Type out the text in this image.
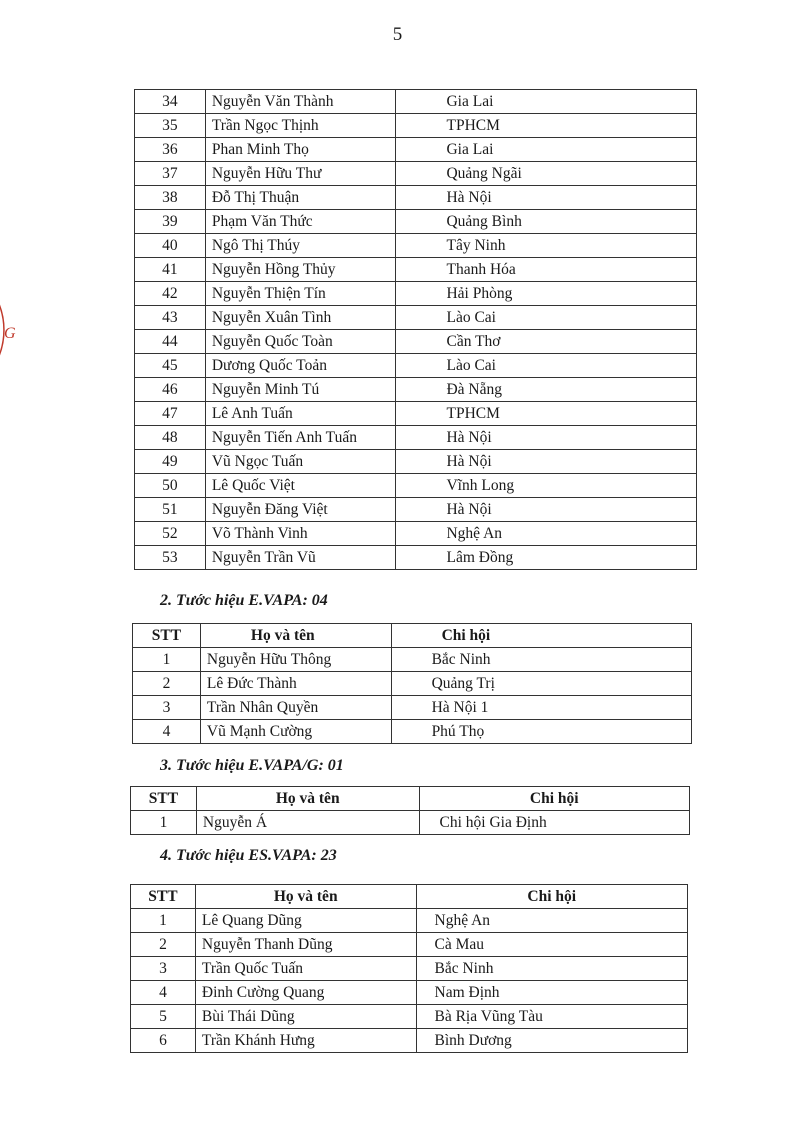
5
G
34	Nguyễn Văn Thành	Gia Lai
35	Trần Ngọc Thịnh	TPHCM
36	Phan Minh Thọ	Gia Lai
37	Nguyễn Hữu Thư	Quảng Ngãi
38	Đỗ Thị Thuận	Hà Nội
39	Phạm Văn Thức	Quảng Bình
40	Ngô Thị Thúy	Tây Ninh
41	Nguyễn Hồng Thủy	Thanh Hóa
42	Nguyễn Thiện Tín	Hải Phòng
43	Nguyễn Xuân Tình	Lào Cai
44	Nguyễn Quốc Toàn	Cần Thơ
45	Dương Quốc Toản	Lào Cai
46	Nguyễn Minh Tú	Đà Nẵng
47	Lê Anh Tuấn	TPHCM
48	Nguyễn Tiến Anh Tuấn	Hà Nội
49	Vũ Ngọc Tuấn	Hà Nội
50	Lê Quốc Việt	Vĩnh Long
51	Nguyễn Đăng Việt	Hà Nội
52	Võ Thành Vinh	Nghệ An
53	Nguyễn Trần Vũ	Lâm Đồng
2. Tước hiệu E.VAPA: 04
STT	Họ và tên	Chi hội
1	Nguyễn Hữu Thông	Bắc Ninh
2	Lê Đức Thành	Quảng Trị
3	Trần Nhân Quyền	Hà Nội 1
4	Vũ Mạnh Cường	Phú Thọ
3. Tước hiệu E.VAPA/G: 01
STT	Họ và tên	Chi hội
1	Nguyễn Á	Chi hội Gia Định
4. Tước hiệu ES.VAPA: 23
STT	Họ và tên	Chi hội
1	Lê Quang Dũng	Nghệ An
2	Nguyễn Thanh Dũng	Cà Mau
3	Trần Quốc Tuấn	Bắc Ninh
4	Đinh Cường Quang	Nam Định
5	Bùi Thái Dũng	Bà Rịa Vũng Tàu
6	Trần Khánh Hưng	Bình Dương
